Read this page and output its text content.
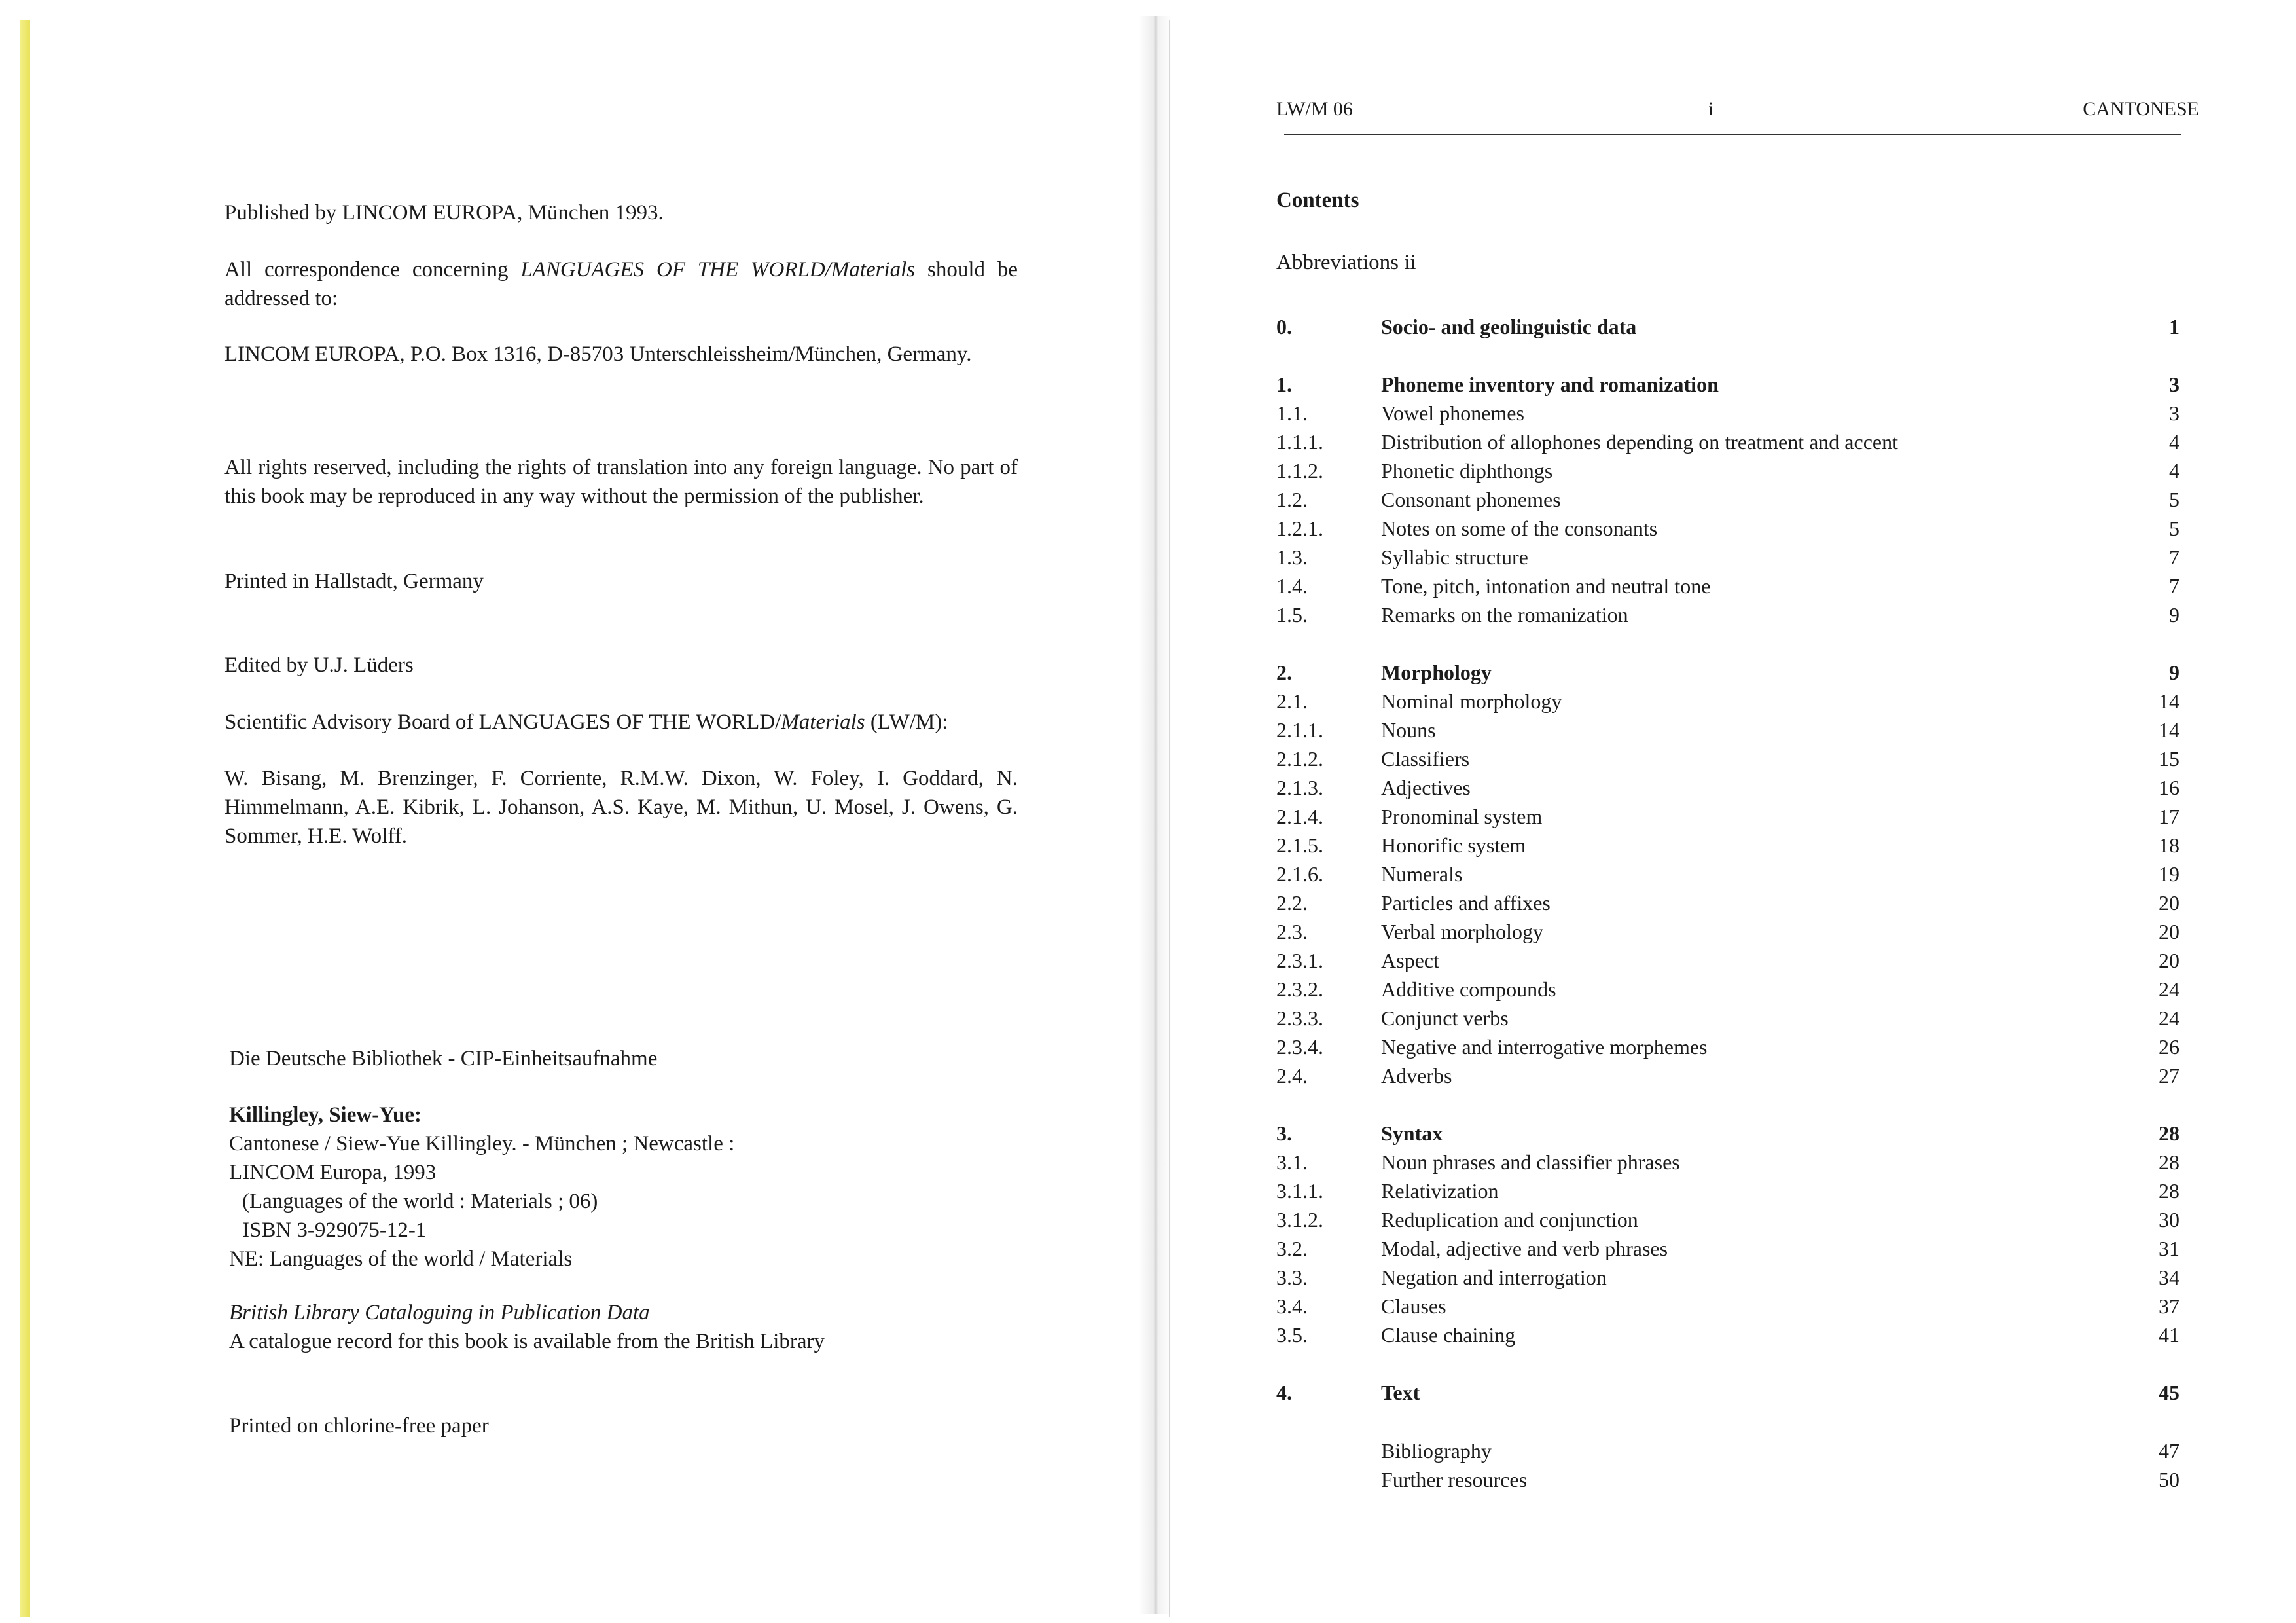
Published by LINCOM EUROPA, München 1993.

All correspondence concerning LANGUAGES OF THE WORLD/Materials should be addressed to:

LINCOM EUROPA, P.O. Box 1316, D-85703 Unterschleissheim/München, Germany.

All rights reserved, including the rights of translation into any foreign language. No part of this book may be reproduced in any way without the permission of the publisher.

Printed in Hallstadt, Germany

Edited by U.J. Lüders

Scientific Advisory Board of LANGUAGES OF THE WORLD/Materials (LW/M):

W. Bisang, M. Brenzinger, F. Corriente, R.M.W. Dixon, W. Foley, I. Goddard, N. Himmelmann, A.E. Kibrik, L. Johanson, A.S. Kaye, M. Mithun, U. Mosel, J. Owens, G. Sommer, H.E. Wolff.

Die Deutsche Bibliothek - CIP-Einheitsaufnahme

Killingley, Siew-Yue:
Cantonese / Siew-Yue Killingley. - München ; Newcastle :
LINCOM Europa, 1993
(Languages of the world : Materials ; 06)
ISBN 3-929075-12-1
NE: Languages of the world / Materials
British Library Cataloguing in Publication Data
A catalogue record for this book is available from the British Library

Printed on chlorine-free paper

LW/M 06	i	CANTONESE
Contents
Abbreviations ii
0.	Socio- and geolinguistic data	1
1.	Phoneme inventory and romanization	3
1.1.	Vowel phonemes	3
1.1.1.	Distribution of allophones depending on treatment and accent	4
1.1.2.	Phonetic diphthongs	4
1.2.	Consonant phonemes	5
1.2.1.	Notes on some of the consonants	5
1.3.	Syllabic structure	7
1.4.	Tone, pitch, intonation and neutral tone	7
1.5.	Remarks on the romanization	9
2.	Morphology	9
2.1.	Nominal morphology	14
2.1.1.	Nouns	14
2.1.2.	Classifiers	15
2.1.3.	Adjectives	16
2.1.4.	Pronominal system	17
2.1.5.	Honorific system	18
2.1.6.	Numerals	19
2.2.	Particles and affixes	20
2.3.	Verbal morphology	20
2.3.1.	Aspect	20
2.3.2.	Additive compounds	24
2.3.3.	Conjunct verbs	24
2.3.4.	Negative and interrogative morphemes	26
2.4.	Adverbs	27
3.	Syntax	28
3.1.	Noun phrases and classifier phrases	28
3.1.1.	Relativization	28
3.1.2.	Reduplication and conjunction	30
3.2.	Modal, adjective and verb phrases	31
3.3.	Negation and interrogation	34
3.4.	Clauses	37
3.5.	Clause chaining	41
4.	Text	45
Bibliography	47
Further resources	50
